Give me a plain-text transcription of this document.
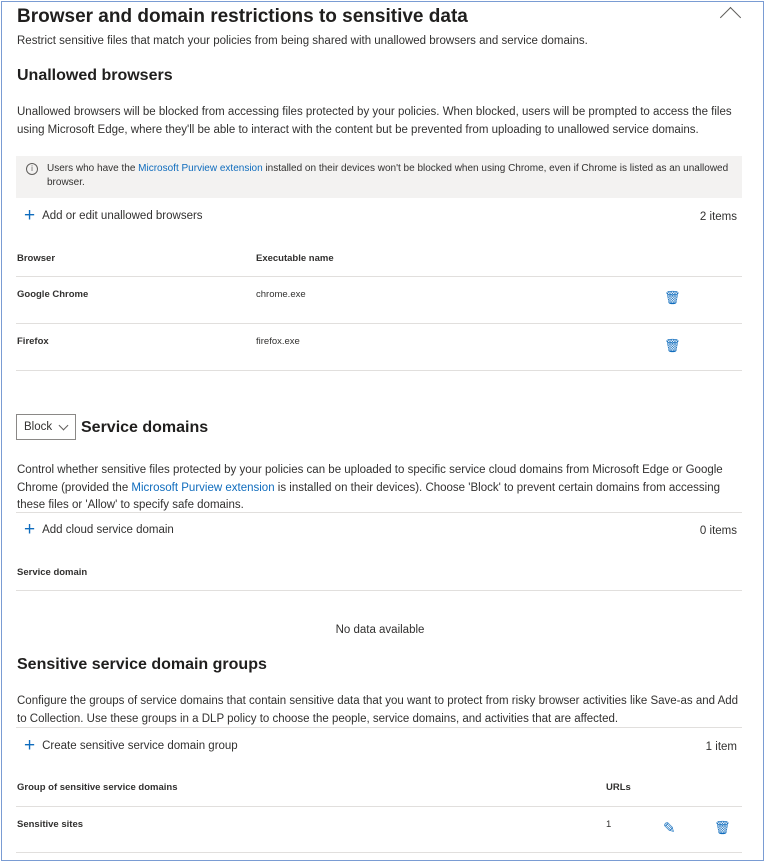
Browser and domain restrictions to sensitive data
Restrict sensitive files that match your policies from being shared with unallowed browsers and service domains.
Unallowed browsers
Unallowed browsers will be blocked from accessing files protected by your policies. When blocked, users will be prompted to access the files using Microsoft Edge, where they'll be able to interact with the content but be prevented from uploading to unallowed service domains.
i	Users who have the Microsoft Purview extension installed on their devices won't be blocked when using Chrome, even if Chrome is listed as an unallowed browser.
+ Add or edit unallowed browsers	2 items
Browser	Executable name
Google Chrome	chrome.exe	🗑
Firefox	firefox.exe	🗑
Block Service domains
Control whether sensitive files protected by your policies can be uploaded to specific service cloud domains from Microsoft Edge or Google Chrome (provided the Microsoft Purview extension is installed on their devices). Choose 'Block' to prevent certain domains from accessing these files or 'Allow' to specify safe domains.
+ Add cloud service domain	0 items
Service domain
No data available
Sensitive service domain groups
Configure the groups of service domains that contain sensitive data that you want to protect from risky browser activities like Save-as and Add to Collection. Use these groups in a DLP policy to choose the people, service domains, and activities that are affected.
+ Create sensitive service domain group	1 item
Group of sensitive service domains	URLs
Sensitive sites	1	✎	🗑
